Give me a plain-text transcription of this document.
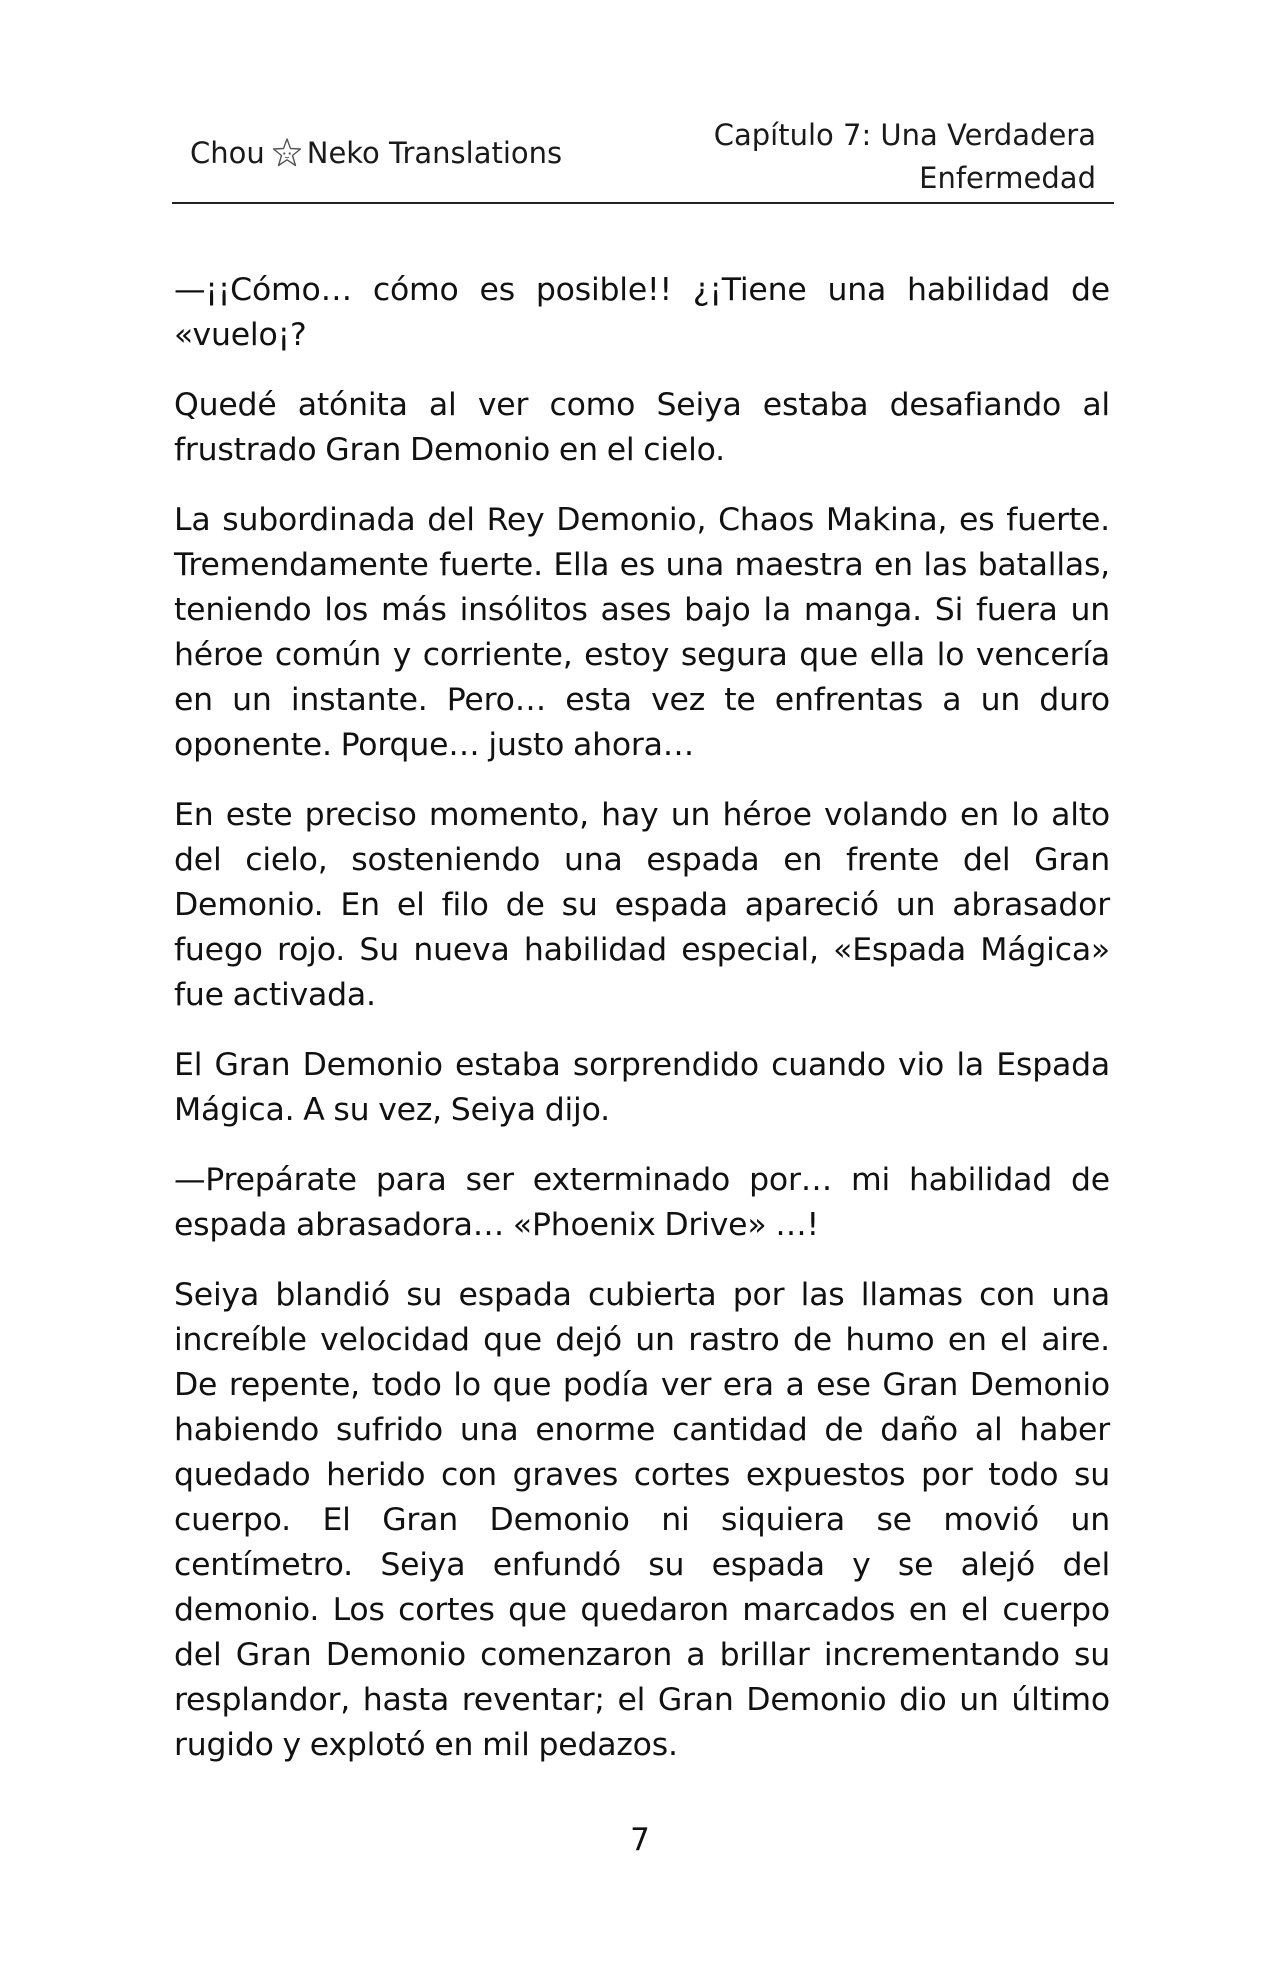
Chou Neko Translations
Capítulo 7: Una Verdadera
Enfermedad

—¡¡Cómo… cómo es posible!! ¿¡Tiene una habilidad de «vuelo¡?

Quedé atónita al ver como Seiya estaba desafiando al frustrado Gran Demonio en el cielo.

La subordinada del Rey Demonio, Chaos Makina, es fuerte. Tremendamente fuerte. Ella es una maestra en las batallas, teniendo los más insólitos ases bajo la manga. Si fuera un héroe común y corriente, estoy segura que ella lo vencería en un instante. Pero… esta vez te enfrentas a un duro oponente. Porque… justo ahora…

En este preciso momento, hay un héroe volando en lo alto del cielo, sosteniendo una espada en frente del Gran Demonio. En el filo de su espada apareció un abrasador fuego rojo. Su nueva habilidad especial, «Espada Mágica» fue activada.

El Gran Demonio estaba sorprendido cuando vio la Espada Mágica. A su vez, Seiya dijo.

—Prepárate para ser exterminado por… mi habilidad de espada abrasadora… «Phoenix Drive» …!

Seiya blandió su espada cubierta por las llamas con una increíble velocidad que dejó un rastro de humo en el aire. De repente, todo lo que podía ver era a ese Gran Demonio habiendo sufrido una enorme cantidad de daño al haber quedado herido con graves cortes expuestos por todo su cuerpo. El Gran Demonio ni siquiera se movió un centímetro. Seiya enfundó su espada y se alejó del demonio. Los cortes que quedaron marcados en el cuerpo del Gran Demonio comenzaron a brillar incrementando su resplandor, hasta reventar; el Gran Demonio dio un último rugido y explotó en mil pedazos.

7
